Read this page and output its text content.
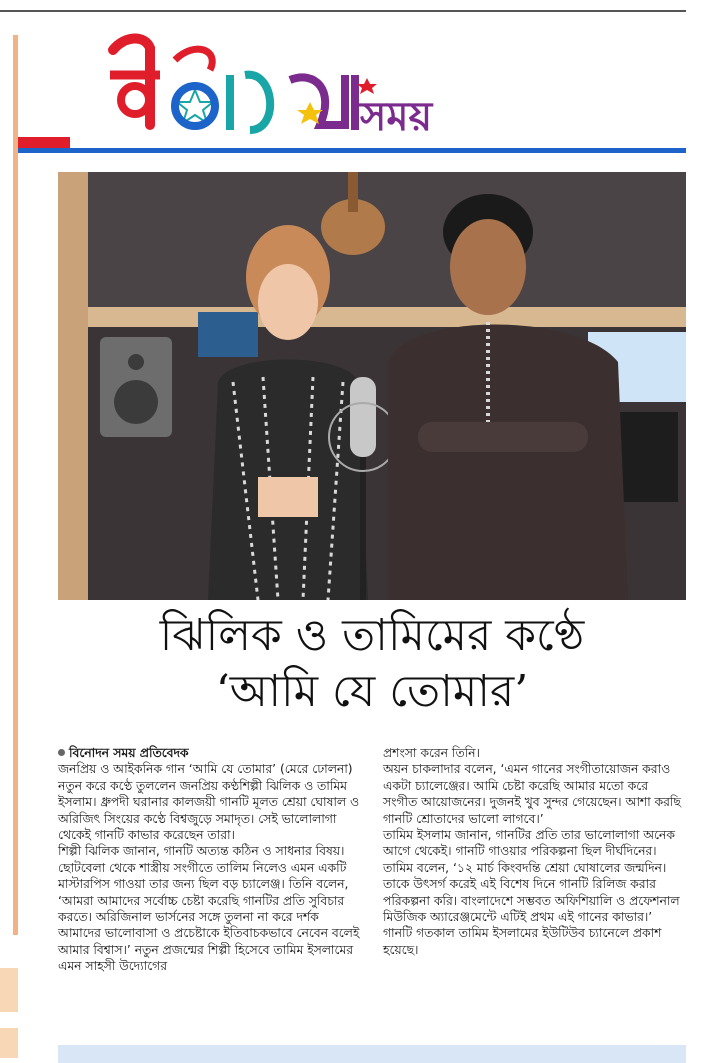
সময়
ঝিলিক ও তামিমের কণ্ঠে
‘আমি যে তোমার’

বিনোদন সময় প্রতিবেদক

জনপ্রিয় ও আইকনিক গান ‘আমি যে তোমার’ (মেরে ঢোলনা) নতুন করে কণ্ঠে তুললেন জনপ্রিয় কণ্ঠশিল্পী ঝিলিক ও তামিম ইসলাম। ধ্রুপদী ঘরানার কালজয়ী গানটি মূলত শ্রেয়া ঘোষাল ও অরিজিৎ সিংয়ের কণ্ঠে বিশ্বজুড়ে সমাদৃত। সেই ভালোলাগা থেকেই গানটি কাভার করেছেন তারা।

শিল্পী ঝিলিক জানান, গানটি অত্যন্ত কঠিন ও সাধনার বিষয়। ছোটবেলা থেকে শাস্ত্রীয় সংগীতে তালিম নিলেও এমন একটি মাস্টারপিস গাওয়া তার জন্য ছিল বড় চ্যালেঞ্জ। তিনি বলেন, ‘আমরা আমাদের সর্বোচ্চ চেষ্টা করেছি গানটির প্রতি সুবিচার করতে। অরিজিনাল ভার্সনের সঙ্গে তুলনা না করে দর্শক আমাদের ভালোবাসা ও প্রচেষ্টাকে ইতিবাচকভাবে নেবেন বলেই আমার বিশ্বাস।’ নতুন প্রজন্মের শিল্পী হিসেবে তামিম ইসলামের এমন সাহসী উদ্যোগের

প্রশংসা করেন তিনি।

অয়ন চাকলাদার বলেন, ‘এমন গানের সংগীতায়োজন করাও একটা চ্যালেঞ্জের। আমি চেষ্টা করেছি আমার মতো করে সংগীত আয়োজনের। দুজনই খুব সুন্দর গেয়েছেন। আশা করছি গানটি শ্রোতাদের ভালো লাগবে।’

তামিম ইসলাম জানান, গানটির প্রতি তার ভালোলাগা অনেক আগে থেকেই। গানটি গাওয়ার পরিকল্পনা ছিল দীর্ঘদিনের। তামিম বলেন, ‘১২ মার্চ কিংবদন্তি শ্রেয়া ঘোষালের জন্মদিন। তাকে উৎসর্গ করেই এই বিশেষ দিনে গানটি রিলিজ করার পরিকল্পনা করি। বাংলাদেশে সম্ভবত অফিশিয়ালি ও প্রফেশনাল মিউজিক অ্যারেঞ্জমেন্টে এটিই প্রথম এই গানের কাভার।’

গানটি গতকাল তামিম ইসলামের ইউটিউব চ্যানেলে প্রকাশ হয়েছে।
